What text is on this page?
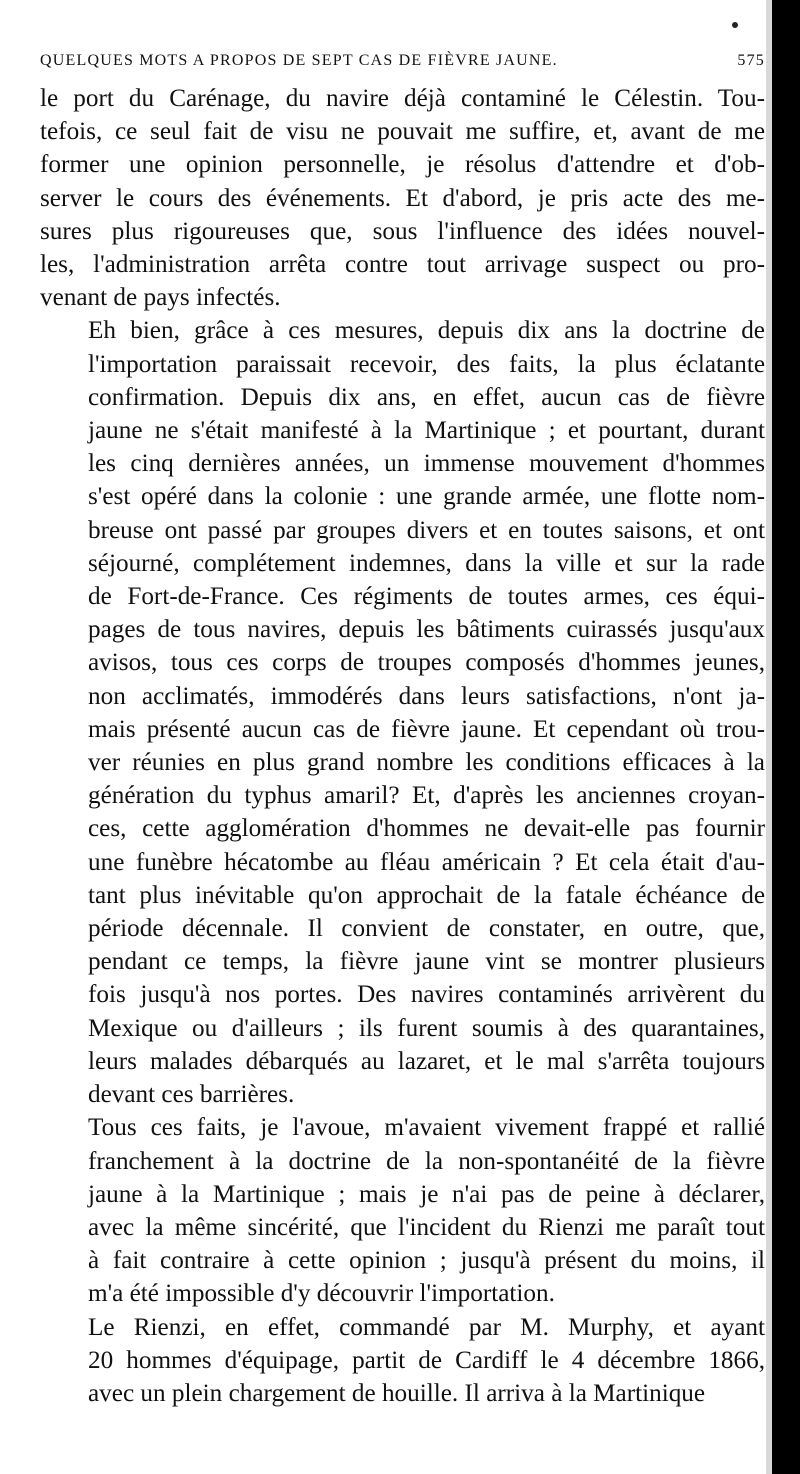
QUELQUES MOTS A PROPOS DE SEPT CAS DE FIÈVRE JAUNE.	575

le port du Carénage, du navire déjà contaminé le Célestin. Tou-
tefois, ce seul fait de visu ne pouvait me suffire, et, avant de me
former une opinion personnelle, je résolus d'attendre et d'ob-
server le cours des événements. Et d'abord, je pris acte des me-
sures plus rigoureuses que, sous l'influence des idées nouvel-
les, l'administration arrêta contre tout arrivage suspect ou pro-
venant de pays infectés.

Eh bien, grâce à ces mesures, depuis dix ans la doctrine de
l'importation paraissait recevoir, des faits, la plus éclatante
confirmation. Depuis dix ans, en effet, aucun cas de fièvre
jaune ne s'était manifesté à la Martinique ; et pourtant, durant
les cinq dernières années, un immense mouvement d'hommes
s'est opéré dans la colonie : une grande armée, une flotte nom-
breuse ont passé par groupes divers et en toutes saisons, et ont
séjourné, complétement indemnes, dans la ville et sur la rade
de Fort-de-France. Ces régiments de toutes armes, ces équi-
pages de tous navires, depuis les bâtiments cuirassés jusqu'aux
avisos, tous ces corps de troupes composés d'hommes jeunes,
non acclimatés, immodérés dans leurs satisfactions, n'ont ja-
mais présenté aucun cas de fièvre jaune. Et cependant où trou-
ver réunies en plus grand nombre les conditions efficaces à la
génération du typhus amaril? Et, d'après les anciennes croyan-
ces, cette agglomération d'hommes ne devait-elle pas fournir
une funèbre hécatombe au fléau américain ? Et cela était d'au-
tant plus inévitable qu'on approchait de la fatale échéance de
période décennale. Il convient de constater, en outre, que,
pendant ce temps, la fièvre jaune vint se montrer plusieurs
fois jusqu'à nos portes. Des navires contaminés arrivèrent du
Mexique ou d'ailleurs ; ils furent soumis à des quarantaines,
leurs malades débarqués au lazaret, et le mal s'arrêta toujours
devant ces barrières.

Tous ces faits, je l'avoue, m'avaient vivement frappé et rallié
franchement à la doctrine de la non-spontanéité de la fièvre
jaune à la Martinique ; mais je n'ai pas de peine à déclarer,
avec la même sincérité, que l'incident du Rienzi me paraît tout
à fait contraire à cette opinion ; jusqu'à présent du moins, il
m'a été impossible d'y découvrir l'importation.

Le Rienzi, en effet, commandé par M. Murphy, et ayant
20 hommes d'équipage, partit de Cardiff le 4 décembre 1866,
avec un plein chargement de houille. Il arriva à la Martinique
